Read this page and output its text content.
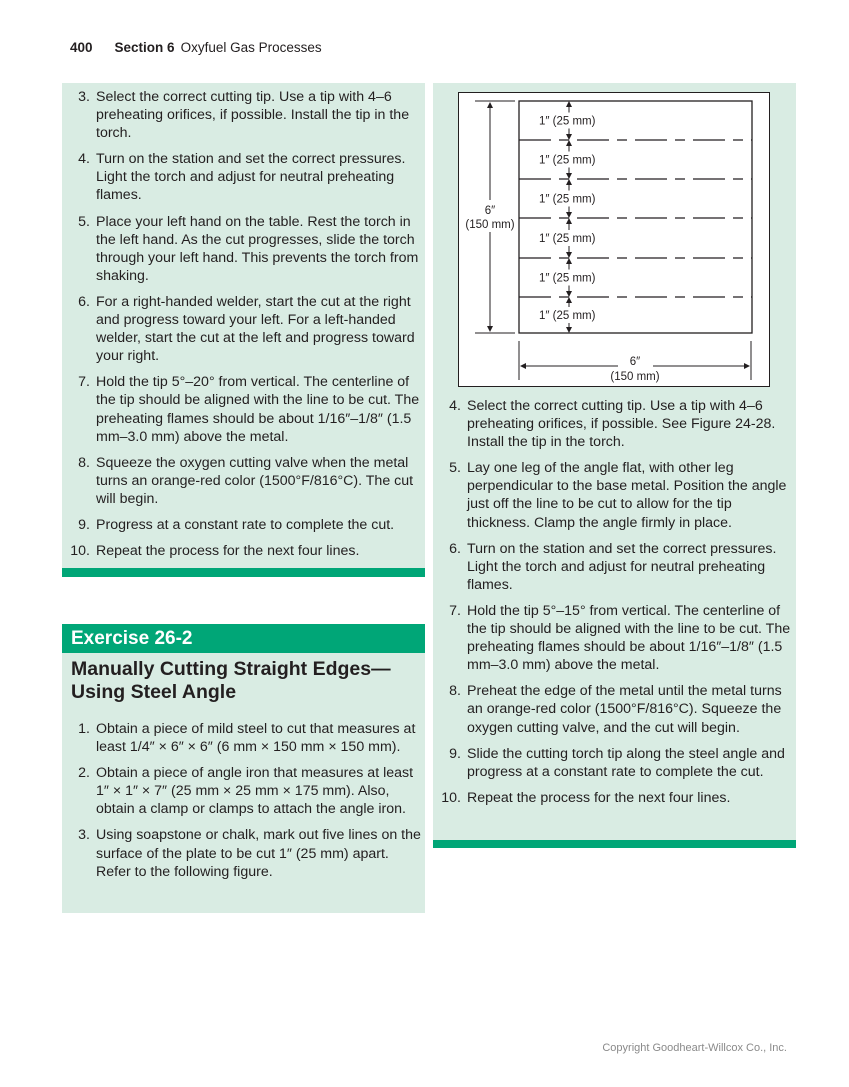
400 Section 6 Oxyfuel Gas Processes
3. Select the correct cutting tip. Use a tip with 4–6 preheating orifices, if possible. Install the tip in the torch.
4. Turn on the station and set the correct pressures. Light the torch and adjust for neutral preheating flames.
5. Place your left hand on the table. Rest the torch in the left hand. As the cut progresses, slide the torch through your left hand. This prevents the torch from shaking.
6. For a right-handed welder, start the cut at the right and progress toward your left. For a left-handed welder, start the cut at the left and progress toward your right.
7. Hold the tip 5°–20° from vertical. The centerline of the tip should be aligned with the line to be cut. The preheating flames should be about 1/16″–1/8″ (1.5 mm–3.0 mm) above the metal.
8. Squeeze the oxygen cutting valve when the metal turns an orange-red color (1500°F/816°C). The cut will begin.
9. Progress at a constant rate to complete the cut.
10. Repeat the process for the next four lines.
Exercise 26-2
Manually Cutting Straight Edges—Using Steel Angle
1. Obtain a piece of mild steel to cut that measures at least 1/4″ × 6″ × 6″ (6 mm × 150 mm × 150 mm).
2. Obtain a piece of angle iron that measures at least 1″ × 1″ × 7″ (25 mm × 25 mm × 175 mm). Also, obtain a clamp or clamps to attach the angle iron.
3. Using soapstone or chalk, mark out five lines on the surface of the plate to be cut 1″ (25 mm) apart. Refer to the following figure.
1″ (25 mm)
1″ (25 mm)
1″ (25 mm)
1″ (25 mm)
1″ (25 mm)
1″ (25 mm)
6″
(150 mm)
6″
(150 mm)
4. Select the correct cutting tip. Use a tip with 4–6 preheating orifices, if possible. See Figure 24-28. Install the tip in the torch.
5. Lay one leg of the angle flat, with other leg perpendicular to the base metal. Position the angle just off the line to be cut to allow for the tip thickness. Clamp the angle firmly in place.
6. Turn on the station and set the correct pressures. Light the torch and adjust for neutral preheating flames.
7. Hold the tip 5°–15° from vertical. The centerline of the tip should be aligned with the line to be cut. The preheating flames should be about 1/16″–1/8″ (1.5 mm–3.0 mm) above the metal.
8. Preheat the edge of the metal until the metal turns an orange-red color (1500°F/816°C). Squeeze the oxygen cutting valve, and the cut will begin.
9. Slide the cutting torch tip along the steel angle and progress at a constant rate to complete the cut.
10. Repeat the process for the next four lines.
Copyright Goodheart-Willcox Co., Inc.
